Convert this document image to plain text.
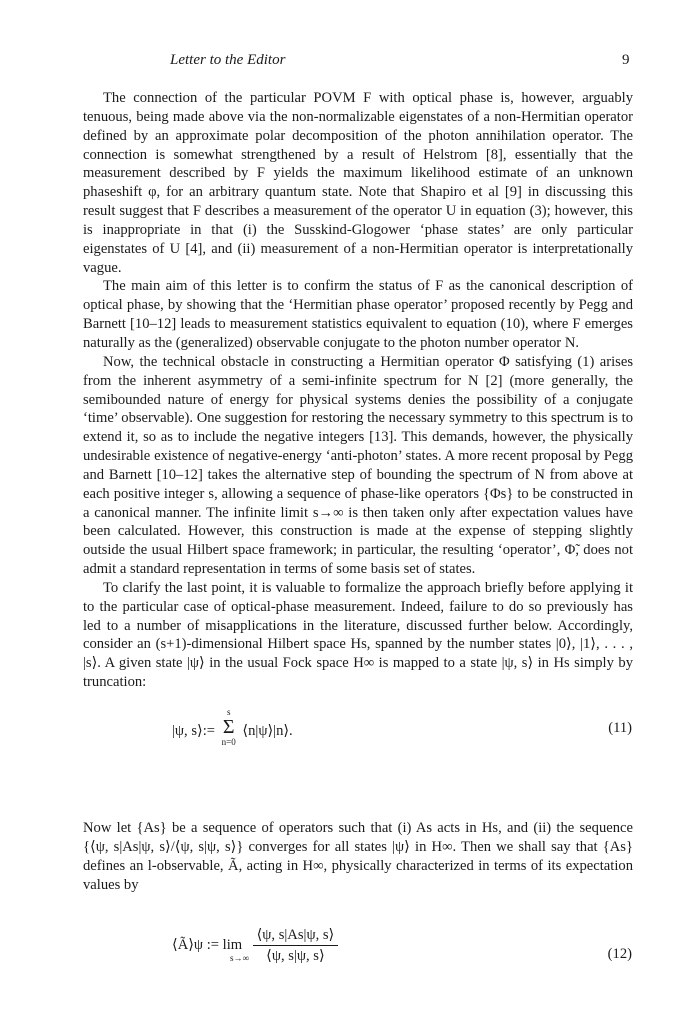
Letter to the Editor	9

The connection of the particular POVM F with optical phase is, however, arguably tenuous, being made above via the non-normalizable eigenstates of a non-Hermitian operator defined by an approximate polar decomposition of the photon annihilation operator. The connection is somewhat strengthened by a result of Helstrom [8], essentially that the measurement described by F yields the maximum likelihood estimate of an unknown phaseshift φ, for an arbitrary quantum state. Note that Shapiro et al [9] in discussing this result suggest that F describes a measurement of the operator U in equation (3); however, this is inappropriate in that (i) the Susskind-Glogower ‘phase states’ are only particular eigenstates of U [4], and (ii) measurement of a non-Hermitian operator is interpretationally vague.

The main aim of this letter is to confirm the status of F as the canonical description of optical phase, by showing that the ‘Hermitian phase operator’ proposed recently by Pegg and Barnett [10–12] leads to measurement statistics equivalent to equation (10), where F emerges naturally as the (generalized) observable conjugate to the photon number operator N.

Now, the technical obstacle in constructing a Hermitian operator Φ satisfying (1) arises from the inherent asymmetry of a semi-infinite spectrum for N [2] (more generally, the semibounded nature of energy for physical systems denies the possibility of a conjugate ‘time’ observable). One suggestion for restoring the necessary symmetry to this spectrum is to extend it, so as to include the negative integers [13]. This demands, however, the physically undesirable existence of negative-energy ‘anti-photon’ states. A more recent proposal by Pegg and Barnett [10–12] takes the alternative step of bounding the spectrum of N from above at each positive integer s, allowing a sequence of phase-like operators {Φs} to be constructed in a canonical manner. The infinite limit s→∞ is then taken only after expectation values have been calculated. However, this construction is made at the expense of stepping slightly outside the usual Hilbert space framework; in particular, the resulting ‘operator’, Φ̃, does not admit a standard representation in terms of some basis set of states.

To clarify the last point, it is valuable to formalize the approach briefly before applying it to the particular case of optical-phase measurement. Indeed, failure to do so previously has led to a number of misapplications in the literature, discussed further below. Accordingly, consider an (s+1)-dimensional Hilbert space Hs, spanned by the number states |0⟩, |1⟩, . . . , |s⟩. A given state |ψ⟩ in the usual Fock space H∞ is mapped to a state |ψ, s⟩ in Hs simply by truncation:

|ψ, s⟩:=
s
Σ
n=0
⟨n|ψ⟩|n⟩.	(11)

Now let {As} be a sequence of operators such that (i) As acts in Hs, and (ii) the sequence {⟨ψ, s|As|ψ, s⟩/⟨ψ, s|ψ, s⟩} converges for all states |ψ⟩ in H∞. Then we shall say that {As} defines an l-observable, Ã, acting in H∞, physically characterized in terms of its expectation values by

⟨Ã⟩ψ := lim
s→∞
$\frac{⟨\psi, s|As|\psi, s⟩}{⟨\psi, s|\psi, s⟩}$	(12)
